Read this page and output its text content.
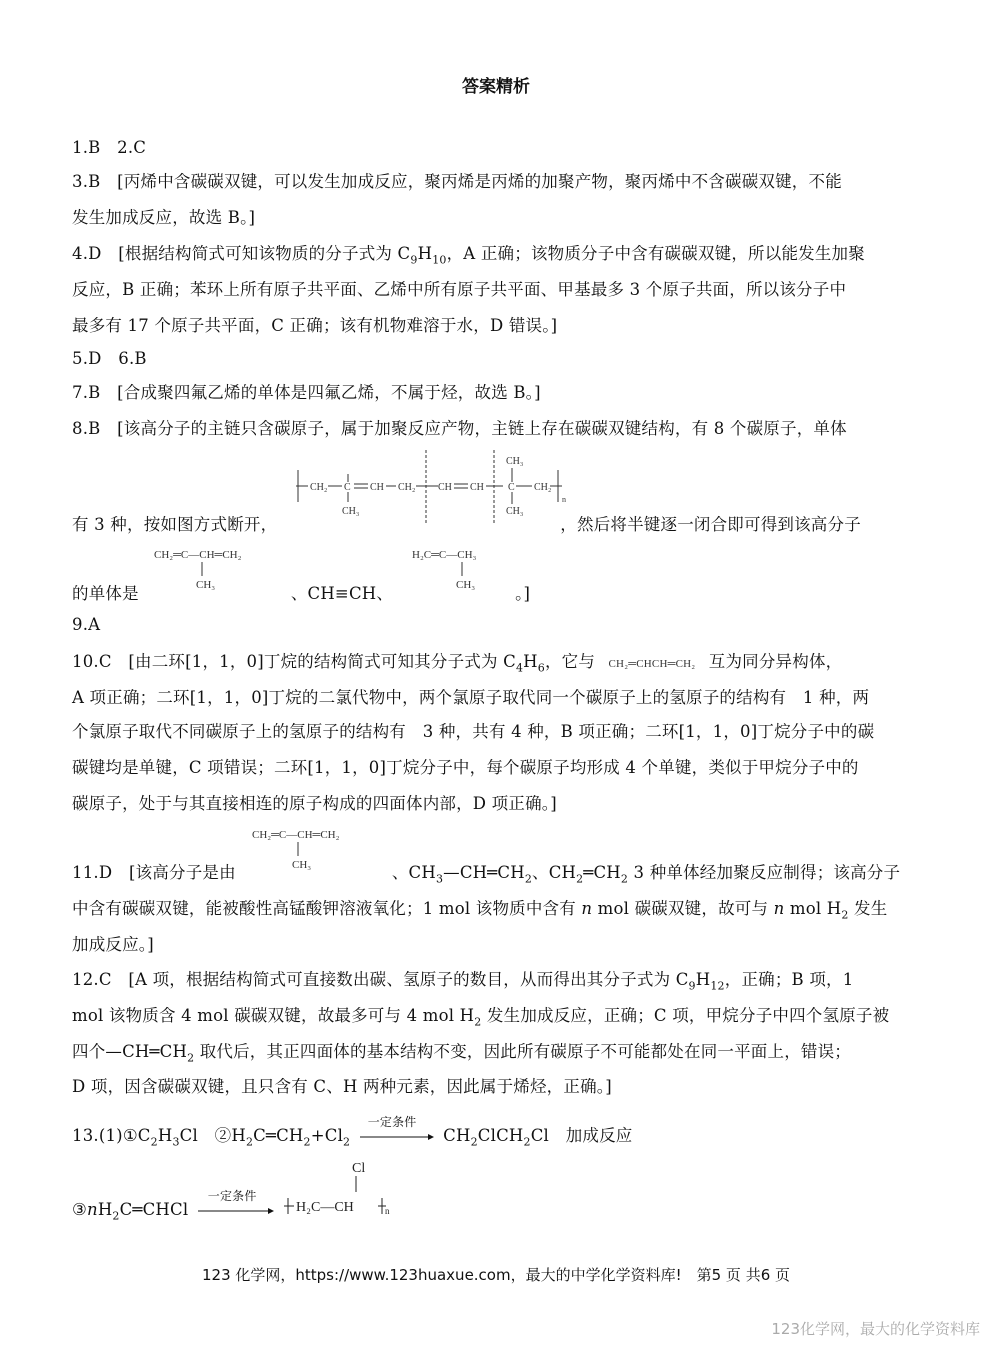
答案精析
1.B　2.C
3.B　[丙烯中含碳碳双键，可以发生加成反应，聚丙烯是丙烯的加聚产物，聚丙烯中不含碳碳双键，不能
发生加成反应，故选 B。]
4.D　[根据结构简式可知该物质的分子式为 $C_9H_{10}$，A 正确；该物质分子中含有碳碳双键，所以能发生加聚
反应，B 正确；苯环上所有原子共平面、乙烯中所有原子共平面、甲基最多 3 个原子共面，所以该分子中
最多有 17 个原子共平面，C 正确；该有机物难溶于水，D 错误。]
5.D　6.B
7.B　[合成聚四氟乙烯的单体是四氟乙烯，不属于烃，故选 B。]
8.B　[该高分子的主链只含碳原子，属于加聚反应产物，主链上存在碳碳双键结构，有 8 个碳原子，单体
CH₂ C
CH₃
CH CH₂ CH CH
CH₃
C
CH₃
CH₂
n
有 3 种，按如图方式断开，	，然后将半键逐一闭合即可得到该高分子
CH₂═C—CH═CH₂
CH₃
H₂C═C—CH₃
CH₃
的单体是	、CH≡CH、	。]
9.A
10.C　[由二环[1，1，0]丁烷的结构简式可知其分子式为 $C_4H_6$，它与 CH₂═CHCH═CH₂ 互为同分异构体，
A 项正确；二环[1，1，0]丁烷的二氯代物中，两个氯原子取代同一个碳原子上的氢原子的结构有　1 种，两
个氯原子取代不同碳原子上的氢原子的结构有　3 种，共有 4 种，B 项正确；二环[1，1，0]丁烷分子中的碳
碳键均是单键，C 项错误；二环[1，1，0]丁烷分子中，每个碳原子均形成 4 个单键，类似于甲烷分子中的
碳原子，处于与其直接相连的原子构成的四面体内部，D 项正确。]
CH₂═C—CH═CH₂
CH₃
11.D　[该高分子是由	、$CH_3—CH═CH_2$、$CH_2═CH_2$ 3 种单体经加聚反应制得；该高分子
中含有碳碳双键，能被酸性高锰酸钾溶液氧化；1 mol 该物质中含有 n mol 碳碳双键，故可与 n mol $H_2$ 发生
加成反应。]
12.C　[A 项，根据结构简式可直接数出碳、氢原子的数目，从而得出其分子式为 $C_9H_{12}$，正确；B 项，1
mol 该物质含 4 mol 碳碳双键，故最多可与 4 mol $H_2$ 发生加成反应，正确；C 项，甲烷分子中四个氢原子被
四个$—CH═CH_2$ 取代后，其正四面体的基本结构不变，因此所有碳原子不可能都处在同一平面上，错误；
D 项，因含碳碳双键，且只含有 C、H 两种元素，因此属于烯烃，正确。]
$13.(1)①C_2H_3Cl$　$②H_2C═CH_2+Cl_2$
一定条件
$CH_2ClCH_2Cl$　加成反应
$③nH_2C═CHCl$
一定条件
Cl
H₂C—CH	n
123 化学网，https://www.123huaxue.com，最大的中学化学资料库!　第5 页 共6 页
123化学网，最大的化学资料库
